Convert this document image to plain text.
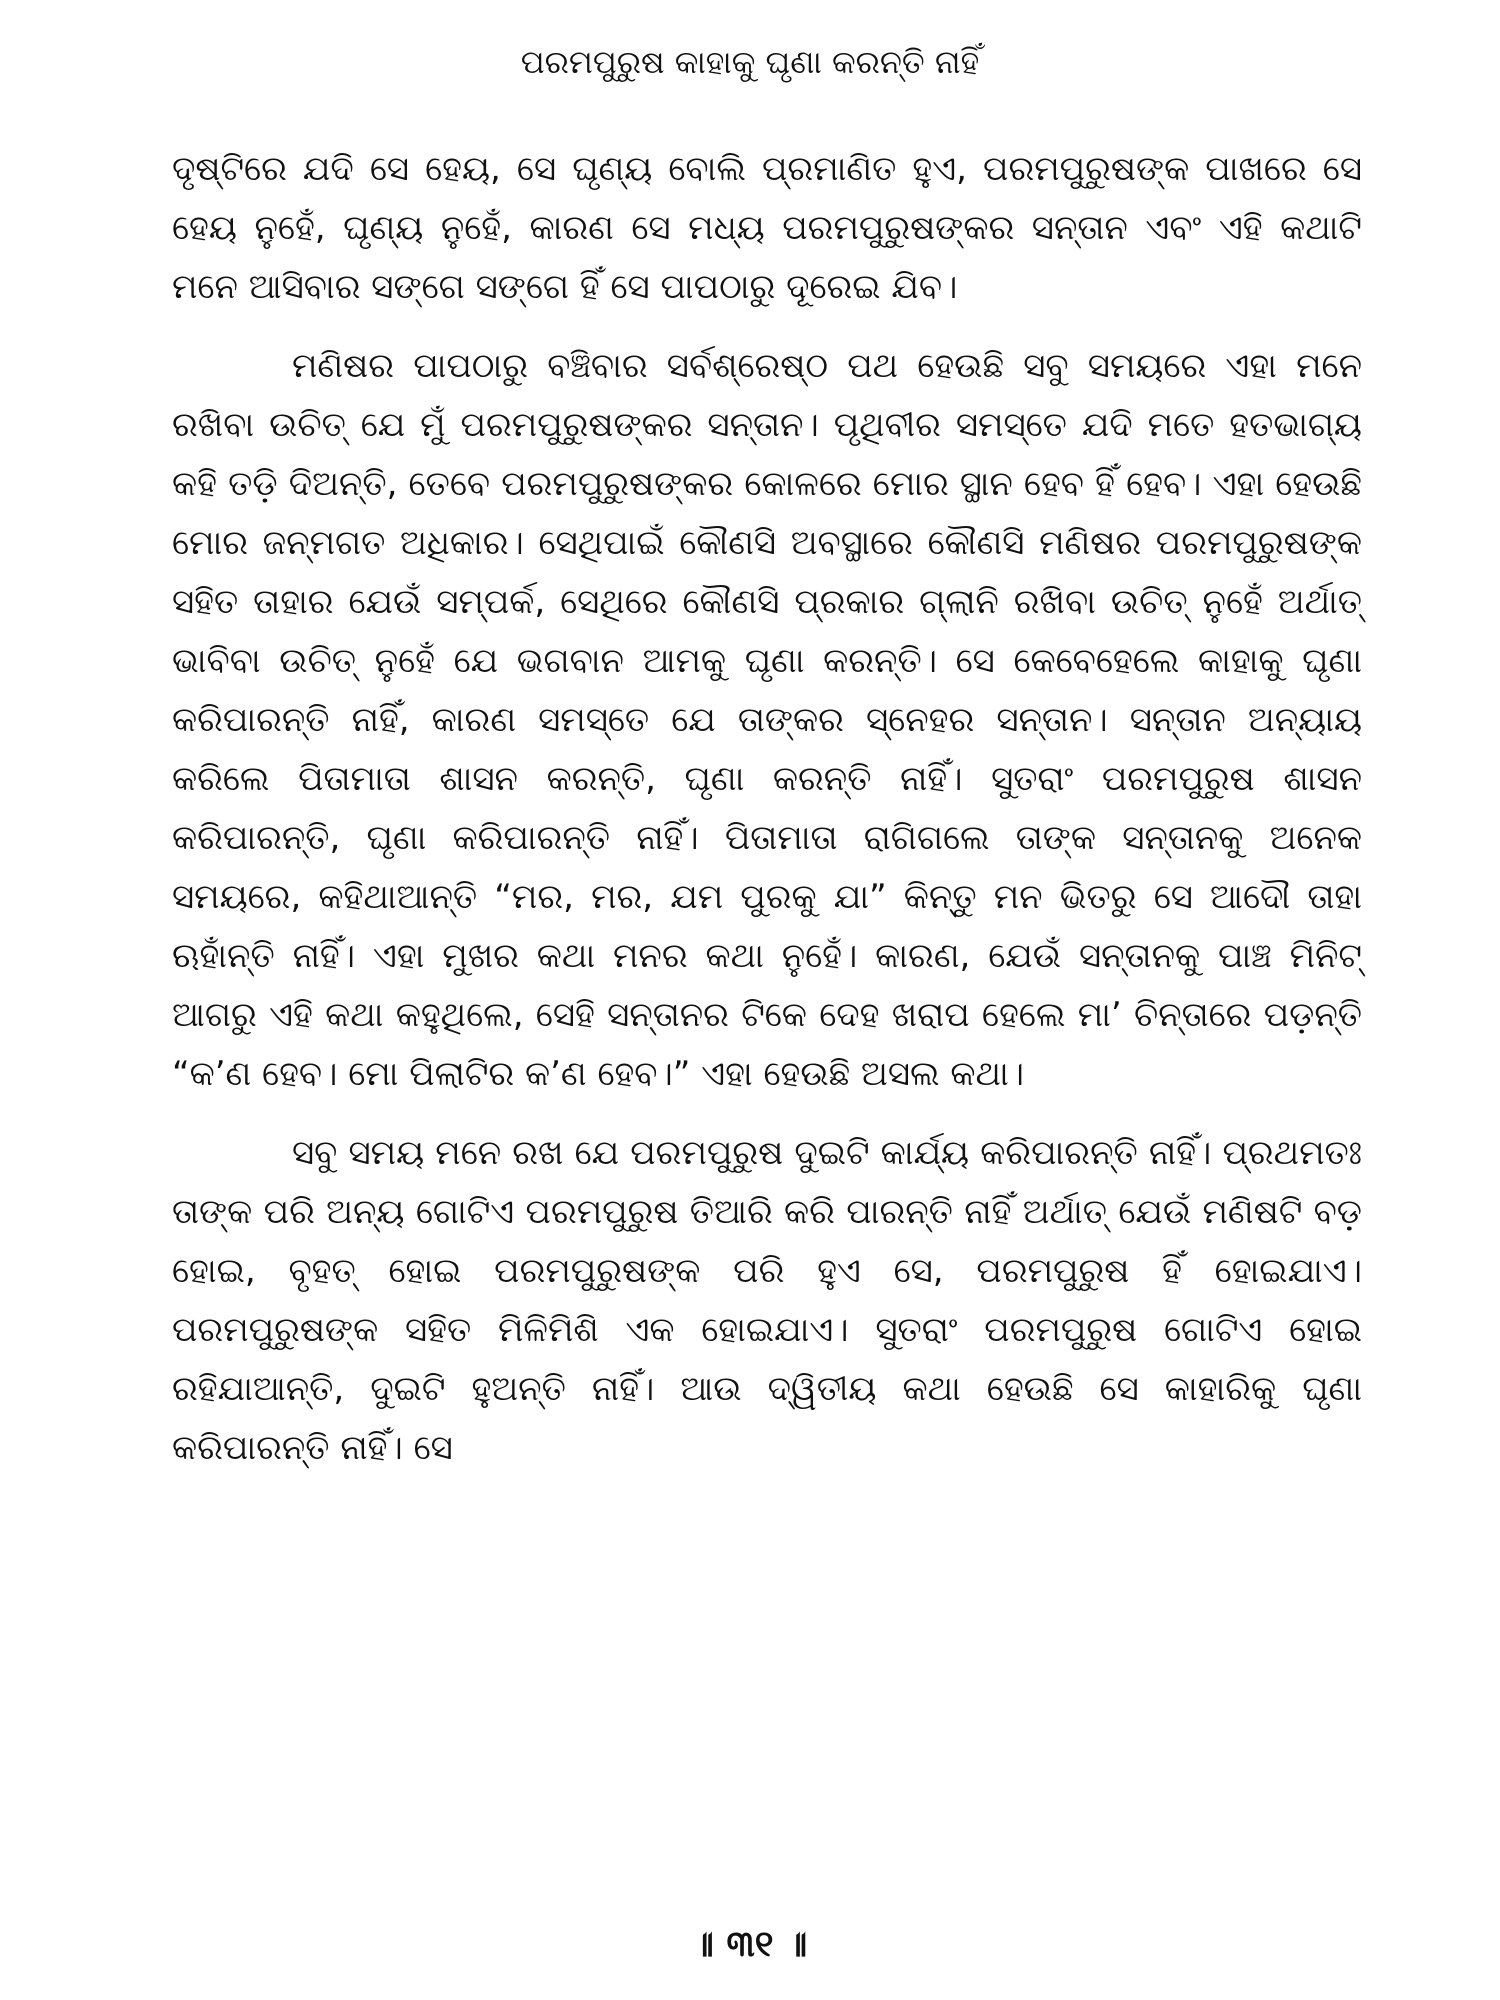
ପରମପୁରୁଷ କାହାକୁ ଘୃଣା କରନ୍ତି ନାହିଁ

ଦୃଷ୍ଟିରେ ଯଦି ସେ ହେୟ, ସେ ଘୃଣ୍ୟ ବୋଲି ପ୍ରମାଣିତ ହୁଏ, ପରମପୁରୁଷଙ୍କ ପାଖରେ ସେ ହେୟ ନୁହେଁ, ଘୃଣ୍ୟ ନୁହେଁ, କାରଣ ସେ ମଧ୍ୟ ପରମପୁରୁଷଙ୍କର ସନ୍ତାନ ଏବଂ ଏହି କଥାଟି ମନେ ଆସିବାର ସଙ୍ଗେ ସଙ୍ଗେ ହିଁ ସେ ପାପଠାରୁ ଦୂରେଇ ଯିବ।

ମଣିଷର ପାପଠାରୁ ବଞ୍ଚିବାର ସର୍ବଶ୍ରେଷ୍ଠ ପଥ ହେଉଛି ସବୁ ସମୟରେ ଏହା ମନେ ରଖିବା ଉଚିତ୍ ଯେ ମୁଁ ପରମପୁରୁଷଙ୍କର ସନ୍ତାନ। ପୃଥିବୀର ସମସ୍ତେ ଯଦି ମତେ ହତଭାଗ୍ୟ କହି ତଡ଼ି ଦିଅନ୍ତି, ତେବେ ପରମପୁରୁଷଙ୍କର କୋଳରେ ମୋର ସ୍ଥାନ ହେବ ହିଁ ହେବ। ଏହା ହେଉଛି ମୋର ଜନ୍ମଗତ ଅଧିକାର। ସେଥିପାଇଁ କୌଣସି ଅବସ୍ଥାରେ କୌଣସି ମଣିଷର ପରମପୁରୁଷଙ୍କ ସହିତ ତାହାର ଯେଉଁ ସମ୍ପର୍କ, ସେଥିରେ କୌଣସି ପ୍ରକାର ଗ୍ଲାନି ରଖିବା ଉଚିତ୍ ନୁହେଁ ଅର୍ଥାତ୍ ଭାବିବା ଉଚିତ୍ ନୁହେଁ ଯେ ଭଗବାନ ଆମକୁ ଘୃଣା କରନ୍ତି। ସେ କେବେହେଲେ କାହାକୁ ଘୃଣା କରିପାରନ୍ତି ନାହିଁ, କାରଣ ସମସ୍ତେ ଯେ ତାଙ୍କର ସ୍ନେହର ସନ୍ତାନ। ସନ୍ତାନ ଅନ୍ୟାୟ କରିଲେ ପିତାମାତା ଶାସନ କରନ୍ତି, ଘୃଣା କରନ୍ତି ନାହିଁ। ସୁତରାଂ ପରମପୁରୁଷ ଶାସନ କରିପାରନ୍ତି, ଘୃଣା କରିପାରନ୍ତି ନାହିଁ। ପିତାମାତା ରାଗିଗଲେ ତାଙ୍କ ସନ୍ତାନକୁ ଅନେକ ସମୟରେ, କହିଥାଆନ୍ତି “ମର, ମର, ଯମ ପୁରକୁ ଯା” କିନ୍ତୁ ମନ ଭିତରୁ ସେ ଆଦୌ ତାହା ଋହାଁନ୍ତି ନାହିଁ। ଏହା ମୁଖର କଥା ମନର କଥା ନୁହେଁ। କାରଣ, ଯେଉଁ ସନ୍ତାନକୁ ପାଞ୍ଚ ମିନିଟ୍ ଆଗରୁ ଏହି କଥା କହୁଥିଲେ, ସେହି ସନ୍ତାନର ଟିକେ ଦେହ ଖରାପ ହେଲେ ମା’ ଚିନ୍ତାରେ ପଡ଼ନ୍ତି “କ’ଣ ହେବ। ମୋ ପିଲାଟିର କ’ଣ ହେବ।” ଏହା ହେଉଛି ଅସଲ କଥା।

ସବୁ ସମୟ ମନେ ରଖ ଯେ ପରମପୁରୁଷ ଦୁଇଟି କାର୍ଯ୍ୟ କରିପାରନ୍ତି ନାହିଁ। ପ୍ରଥମତଃ ତାଙ୍କ ପରି ଅନ୍ୟ ଗୋଟିଏ ପରମପୁରୁଷ ତିଆରି କରି ପାରନ୍ତି ନାହିଁ ଅର୍ଥାତ୍ ଯେଉଁ ମଣିଷଟି ବଡ଼ ହୋଇ, ବୃହତ୍ ହୋଇ ପରମପୁରୁଷଙ୍କ ପରି ହୁଏ ସେ, ପରମପୁରୁଷ ହିଁ ହୋଇଯାଏ। ପରମପୁରୁଷଙ୍କ ସହିତ ମିଳିମିଶି ଏକ ହୋଇଯାଏ। ସୁତରାଂ ପରମପୁରୁଷ ଗୋଟିଏ ହୋଇ ରହିଯାଆନ୍ତି, ଦୁଇଟି ହୁଅନ୍ତି ନାହିଁ। ଆଉ ଦ୍ୱିତୀୟ କଥା ହେଉଛି ସେ କାହାରିକୁ ଘୃଣା କରିପାରନ୍ତି ନାହିଁ। ସେ

॥ ୩୧ ॥
